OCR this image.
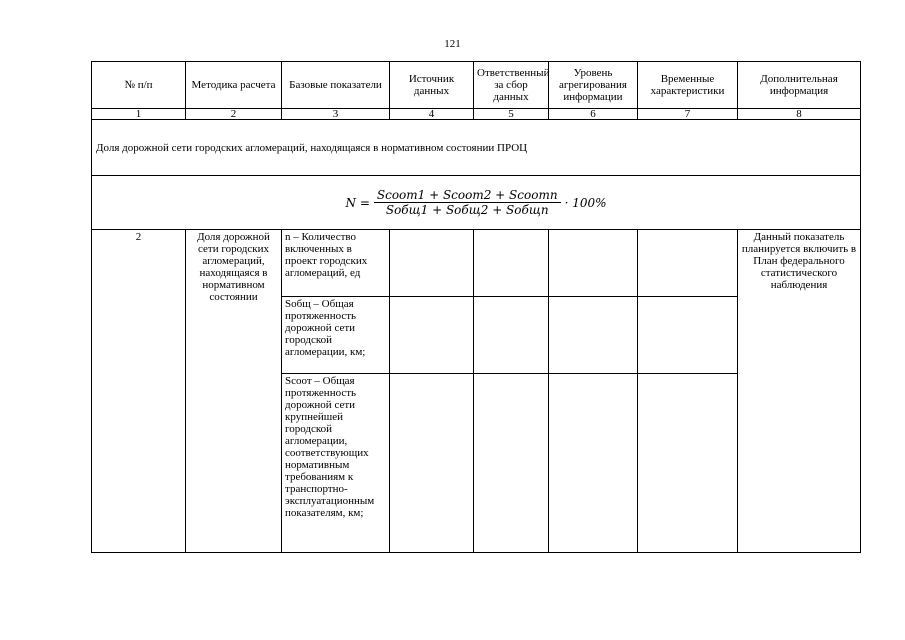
121
№ п/п	Методика расчета	Базовые показатели	Источник данных	Ответственный за сбор данных	Уровень агрегирования информации	Временные характеристики	Дополнительная информация
1	2	3	4	5	6	7	8
Доля дорожной сети городских агломераций, находящаяся в нормативном состоянии ПРОЦ							

$N = \frac{\text{Sсоот1 + Sсоот2 + Sсоотn}}{\text{Sобщ1 + Sобщ2 + Sобщn}} \cdot 100\%$							

2	Доля дорожной сети городских агломераций, находящаяся в нормативном состоянии	n – Количество включенных в проект городских агломераций, ед					Данный показатель планируется включить в План федерального статистического наблюдения
		Sобщ – Общая протяженность дорожной сети городской агломерации, км;					
		Sсоот – Общая протяженность дорожной сети крупнейшей городской агломерации, соответствующих нормативным требованиям к транспортно-эксплуатационным показателям, км;					
